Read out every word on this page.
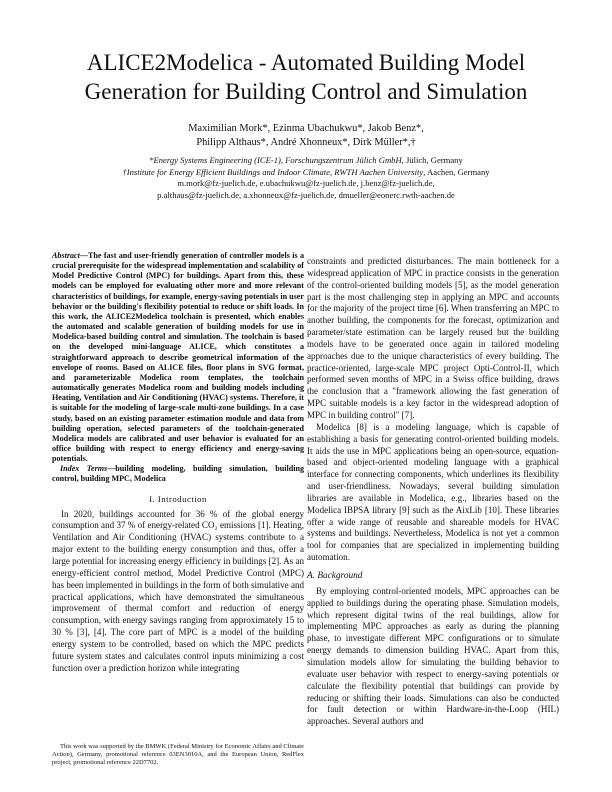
ALICE2Modelica - Automated Building Model
Generation for Building Control and Simulation
Maximilian Mork*, Ezinma Ubachukwu*, Jakob Benz*,
Philipp Althaus*, André Xhonneux*, Dirk Müller*,†
*Energy Systems Engineering (ICE-1), Forschungszentrum Jülich GmbH, Jülich, Germany
†Institute for Energy Efficient Buildings and Indoor Climate, RWTH Aachen University, Aachen, Germany
m.mork@fz-juelich.de, e.ubachukwu@fz-juelich.de, j.benz@fz-juelich.de,
p.althaus@fz-juelich.de, a.xhonneux@fz-juelich.de, dmueller@eonerc.rwth-aachen.de

Abstract—The fast and user-friendly generation of controller models is a crucial prerequisite for the widespread implementation and scalability of Model Predictive Control (MPC) for buildings. Apart from this, these models can be employed for evaluating other more and more relevant characteristics of buildings, for example, energy-saving potentials in user behavior or the building's flexibility potential to reduce or shift loads. In this work, the ALICE2Modelica toolchain is presented, which enables the automated and scalable generation of building models for use in Modelica-based building control and simulation. The toolchain is based on the developed mini-language ALICE, which constitutes a straightforward approach to describe geometrical information of the envelope of rooms. Based on ALICE files, floor plans in SVG format, and parameterizable Modelica room templates, the toolchain automatically generates Modelica room and building models including Heating, Ventilation and Air Conditioning (HVAC) systems. Therefore, it is suitable for the modeling of large-scale multi-zone buildings. In a case study, based on an existing parameter estimation module and data from building operation, selected parameters of the toolchain-generated Modelica models are calibrated and user behavior is evaluated for an office building with respect to energy efficiency and energy-saving potentials.

Index Terms—building modeling, building simulation, building control, building MPC, Modelica

I. Introduction

In 2020, buildings accounted for 36 % of the global energy consumption and 37 % of energy-related CO₂ emissions [1]. Heating, Ventilation and Air Conditioning (HVAC) systems contribute to a major extent to the building energy consumption and thus, offer a large potential for increasing energy efficiency in buildings [2]. As an energy-efficient control method, Model Predictive Control (MPC) has been implemented in buildings in the form of both simulative and practical applications, which have demonstrated the simultaneous improvement of thermal comfort and reduction of energy consumption, with energy savings ranging from approximately 15 to 30 % [3], [4]. The core part of MPC is a model of the building energy system to be controlled, based on which the MPC predicts future system states and calculates control inputs minimizing a cost function over a prediction horizon while integrating

constraints and predicted disturbances. The main bottleneck for a widespread application of MPC in practice consists in the generation of the control-oriented building models [5], as the model generation part is the most challenging step in applying an MPC and accounts for the majority of the project time [6]. When transferring an MPC to another building, the components for the forecast, optimization and parameter/state estimation can be largely reused but the building models have to be generated once again in tailored modeling approaches due to the unique characteristics of every building. The practice-oriented, large-scale MPC project Opti-Control-II, which performed seven months of MPC in a Swiss office building, draws the conclusion that a "framework allowing the fast generation of MPC suitable models is a key factor in the widespread adoption of MPC in building control" [7].

Modelica [8] is a modeling language, which is capable of establishing a basis for generating control-oriented building models. It aids the use in MPC applications being an open-source, equation-based and object-oriented modeling language with a graphical interface for connecting components, which underlines its flexibility and user-friendliness. Nowadays, several building simulation libraries are available in Modelica, e.g., libraries based on the Modelica IBPSA library [9] such as the AixLib [10]. These libraries offer a wide range of reusable and shareable models for HVAC systems and buildings. Nevertheless, Modelica is not yet a common tool for companies that are specialized in implementing building automation.

A. Background

By employing control-oriented models, MPC approaches can be applied to buildings during the operating phase. Simulation models, which represent digital twins of the real buildings, allow for implementing MPC approaches as early as during the planning phase, to investigate different MPC configurations or to simulate energy demands to dimension building HVAC. Apart from this, simulation models allow for simulating the building behavior to evaluate user behavior with respect to energy-saving potentials or calculate the flexibility potential that buildings can provide by reducing or shifting their loads. Simulations can also be conducted for fault detection or within Hardware-in-the-Loop (HIL) approaches. Several authors and

This work was supported by the BMWK (Federal Ministry for Economic Affairs and Climate Action), Germany, promotional reference 03EN3010A, and the European Union, RedFlex project, promotional reference 22D7702.
